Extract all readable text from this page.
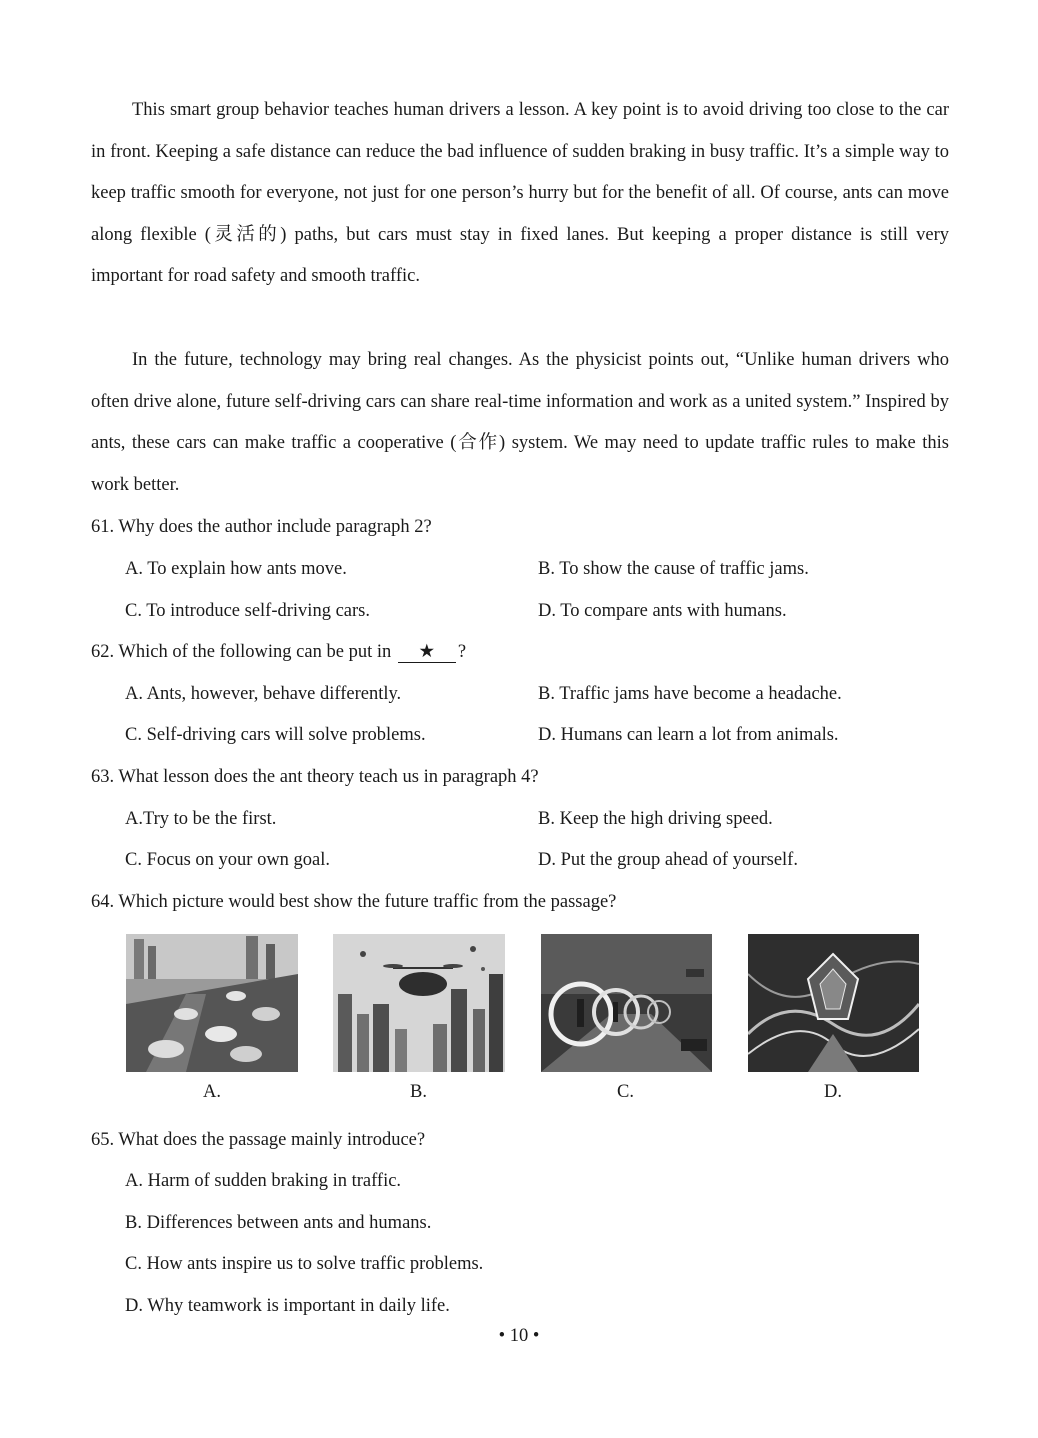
This smart group behavior teaches human drivers a lesson. A key point is to avoid driving too close to the car in front. Keeping a safe distance can reduce the bad influence of sudden braking in busy traffic. It’s a simple way to keep traffic smooth for everyone, not just for one person’s hurry but for the benefit of all. Of course, ants can move along flexible (灵活的) paths, but cars must stay in fixed lanes. But keeping a proper distance is still very important for road safety and smooth traffic.

In the future, technology may bring real changes. As the physicist points out, “Unlike human drivers who often drive alone, future self-driving cars can share real-time information and work as a united system.” Inspired by ants, these cars can make traffic a cooperative (合作) system. We may need to update traffic rules to make this work better.

61. Why does the author include paragraph 2?
A. To explain how ants move.	B. To show the cause of traffic jams.
C. To introduce self-driving cars.	D. To compare ants with humans.
62. Which of the following can be put in ★ ?
A. Ants, however, behave differently.	B. Traffic jams have become a headache.
C. Self-driving cars will solve problems.	D. Humans can learn a lot from animals.
63. What lesson does the ant theory teach us in paragraph 4?
A.Try to be the first.	B. Keep the high driving speed.
C. Focus on your own goal.	D. Put the group ahead of yourself.
64. Which picture would best show the future traffic from the passage?
A.	B.	C.	D.
65. What does the passage mainly introduce?
A. Harm of sudden braking in traffic.
B. Differences between ants and humans.
C. How ants inspire us to solve traffic problems.
D. Why teamwork is important in daily life.
• 10 •
